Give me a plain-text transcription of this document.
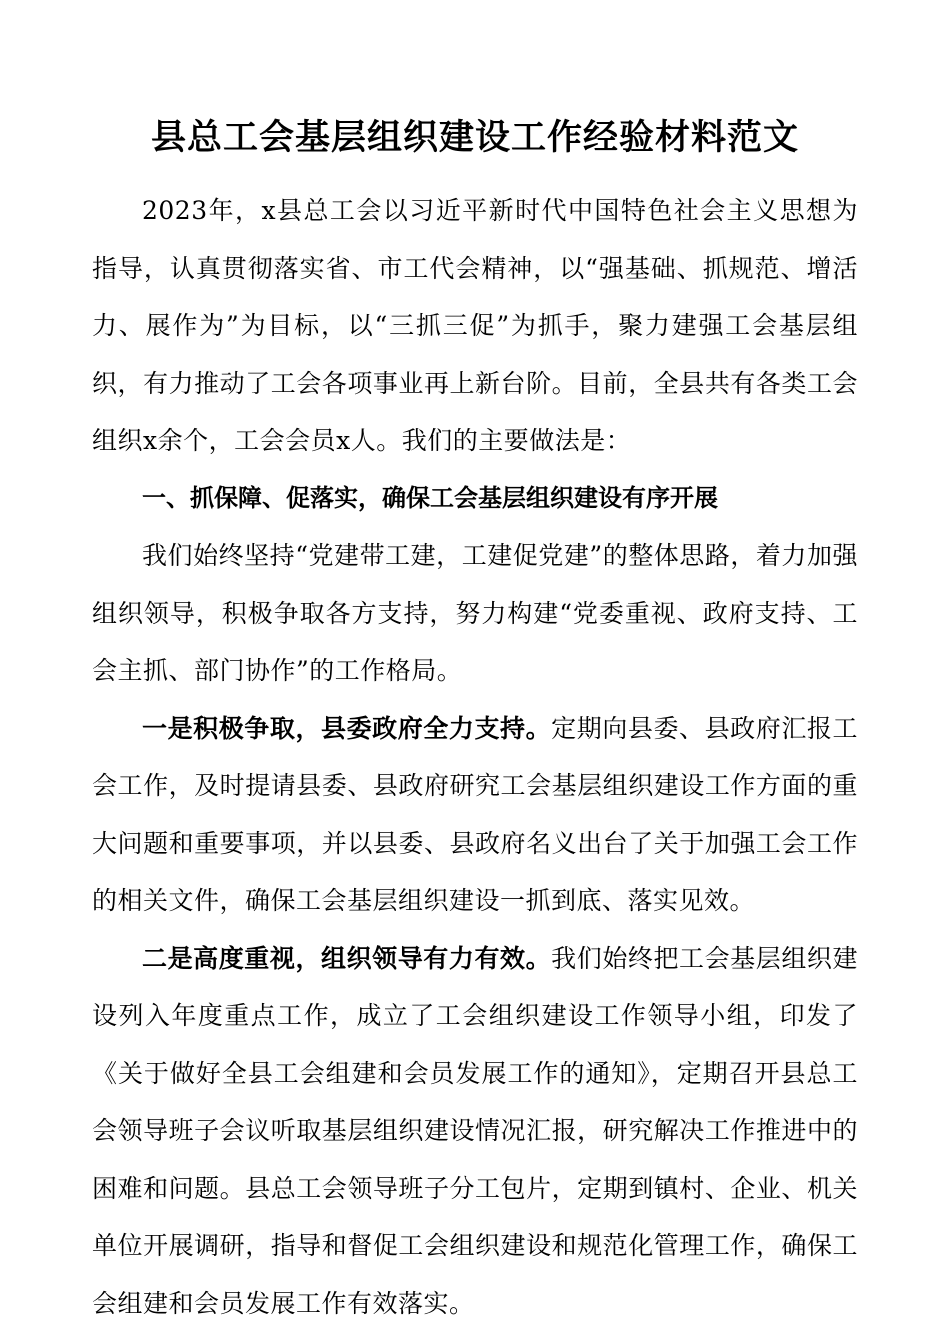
县总工会基层组织建设工作经验材料范文

2023年，x县总工会以习近平新时代中国特色社会主义思想为指导，认真贯彻落实省、市工代会精神，以“强基础、抓规范、增活力、展作为”为目标，以“三抓三促”为抓手，聚力建强工会基层组织，有力推动了工会各项事业再上新台阶。目前，全县共有各类工会组织x余个，工会会员x人。我们的主要做法是：

一、抓保障、促落实，确保工会基层组织建设有序开展

我们始终坚持“党建带工建，工建促党建”的整体思路，着力加强组织领导，积极争取各方支持，努力构建“党委重视、政府支持、工会主抓、部门协作”的工作格局。

一是积极争取，县委政府全力支持。定期向县委、县政府汇报工会工作，及时提请县委、县政府研究工会基层组织建设工作方面的重大问题和重要事项，并以县委、县政府名义出台了关于加强工会工作的相关文件，确保工会基层组织建设一抓到底、落实见效。

二是高度重视，组织领导有力有效。我们始终把工会基层组织建设列入年度重点工作，成立了工会组织建设工作领导小组，印发了《关于做好全县工会组建和会员发展工作的通知》，定期召开县总工会领导班子会议听取基层组织建设情况汇报，研究解决工作推进中的困难和问题。县总工会领导班子分工包片，定期到镇村、企业、机关单位开展调研，指导和督促工会组织建设和规范化管理工作，确保工会组建和会员发展工作有效落实。
